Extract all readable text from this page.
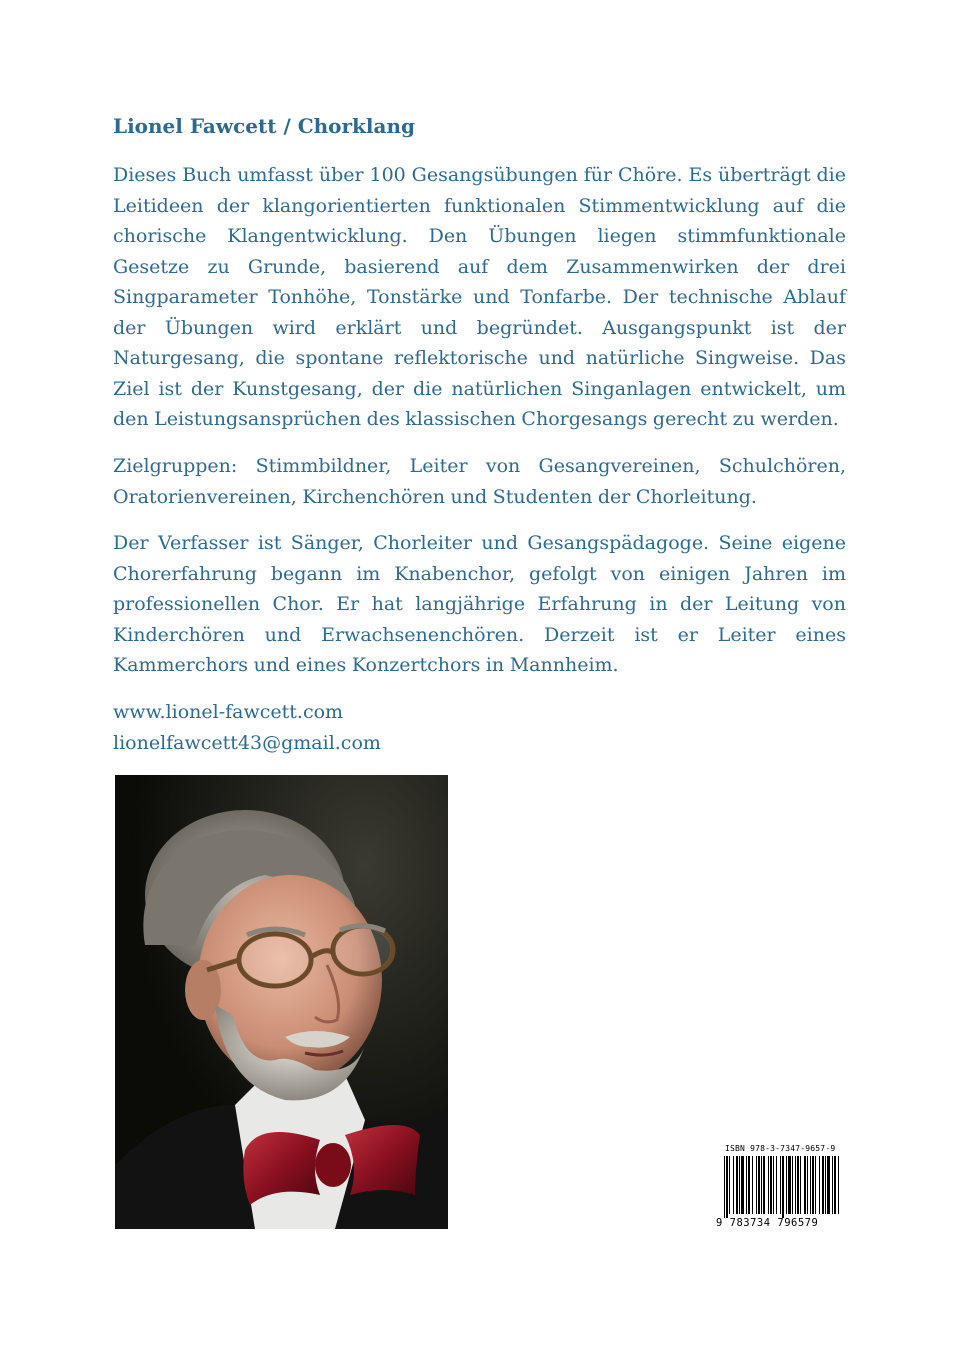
Lionel Fawcett / Chorklang
Dieses Buch umfasst über 100 Gesangsübungen für Chöre. Es überträgt die Leitideen der klangorientierten funktionalen Stimmentwicklung auf die chorische Klangentwicklung. Den Übungen liegen stimmfunktionale Gesetze zu Grunde, basierend auf dem Zusammenwirken der drei Singparameter Tonhöhe, Tonstärke und Tonfarbe. Der technische Ablauf der Übungen wird erklärt und begründet. Ausgangspunkt ist der Naturgesang, die spontane reflektorische und natürliche Singweise. Das Ziel ist der Kunstgesang, der die natürlichen Singanlagen entwickelt, um den Leistungsansprüchen des klassischen Chorgesangs gerecht zu werden.
Zielgruppen: Stimmbildner, Leiter von Gesangvereinen, Schulchören, Oratorienvereinen, Kirchenchören und Studenten der Chorleitung.
Der Verfasser ist Sänger, Chorleiter und Gesangspädagoge. Seine eigene Chorerfahrung begann im Knabenchor, gefolgt von einigen Jahren im professionellen Chor. Er hat langjährige Erfahrung in der Leitung von Kinderchören und Erwachsenenchören. Derzeit ist er Leiter eines Kammerchors und eines Konzertchors in Mannheim.
www.lionel-fawcett.com
lionelfawcett43@gmail.com
ISBN 978-3-7347-9657-9
9 783734 796579
